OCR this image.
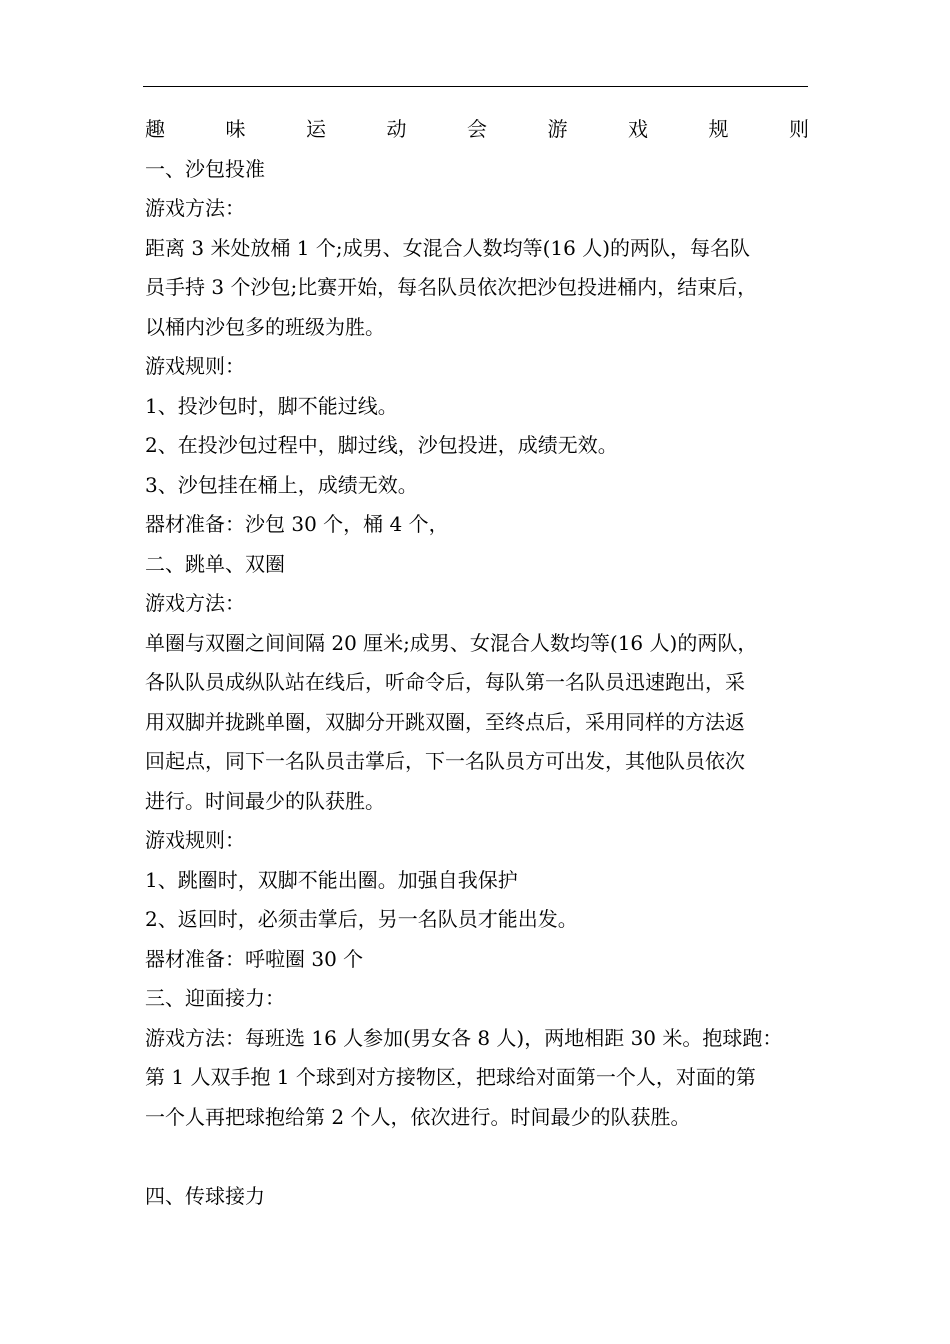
趣	味	运	动	会	游	戏	规	则
一、沙包投准
游戏方法：
距离 3 米处放桶 1 个;成男、女混合人数均等(16 人)的两队，每名队
员手持 3 个沙包;比赛开始，每名队员依次把沙包投进桶内，结束后，
以桶内沙包多的班级为胜。
游戏规则：
1、投沙包时，脚不能过线。
2、在投沙包过程中，脚过线，沙包投进，成绩无效。
3、沙包挂在桶上，成绩无效。
器材准备：沙包 30 个，桶 4 个，
二、跳单、双圈
游戏方法：
单圈与双圈之间间隔 20 厘米;成男、女混合人数均等(16 人)的两队，
各队队员成纵队站在线后，听命令后，每队第一名队员迅速跑出，采
用双脚并拢跳单圈，双脚分开跳双圈，至终点后，采用同样的方法返
回起点，同下一名队员击掌后，下一名队员方可出发，其他队员依次
进行。时间最少的队获胜。
游戏规则：
1、跳圈时，双脚不能出圈。加强自我保护
2、返回时，必须击掌后，另一名队员才能出发。
器材准备：呼啦圈 30 个
三、迎面接力：
游戏方法：每班选 16 人参加(男女各 8 人)，两地相距 30 米。抱球跑：
第 1 人双手抱 1 个球到对方接物区，把球给对面第一个人，对面的第
一个人再把球抱给第 2 个人，依次进行。时间最少的队获胜。
四、传球接力
